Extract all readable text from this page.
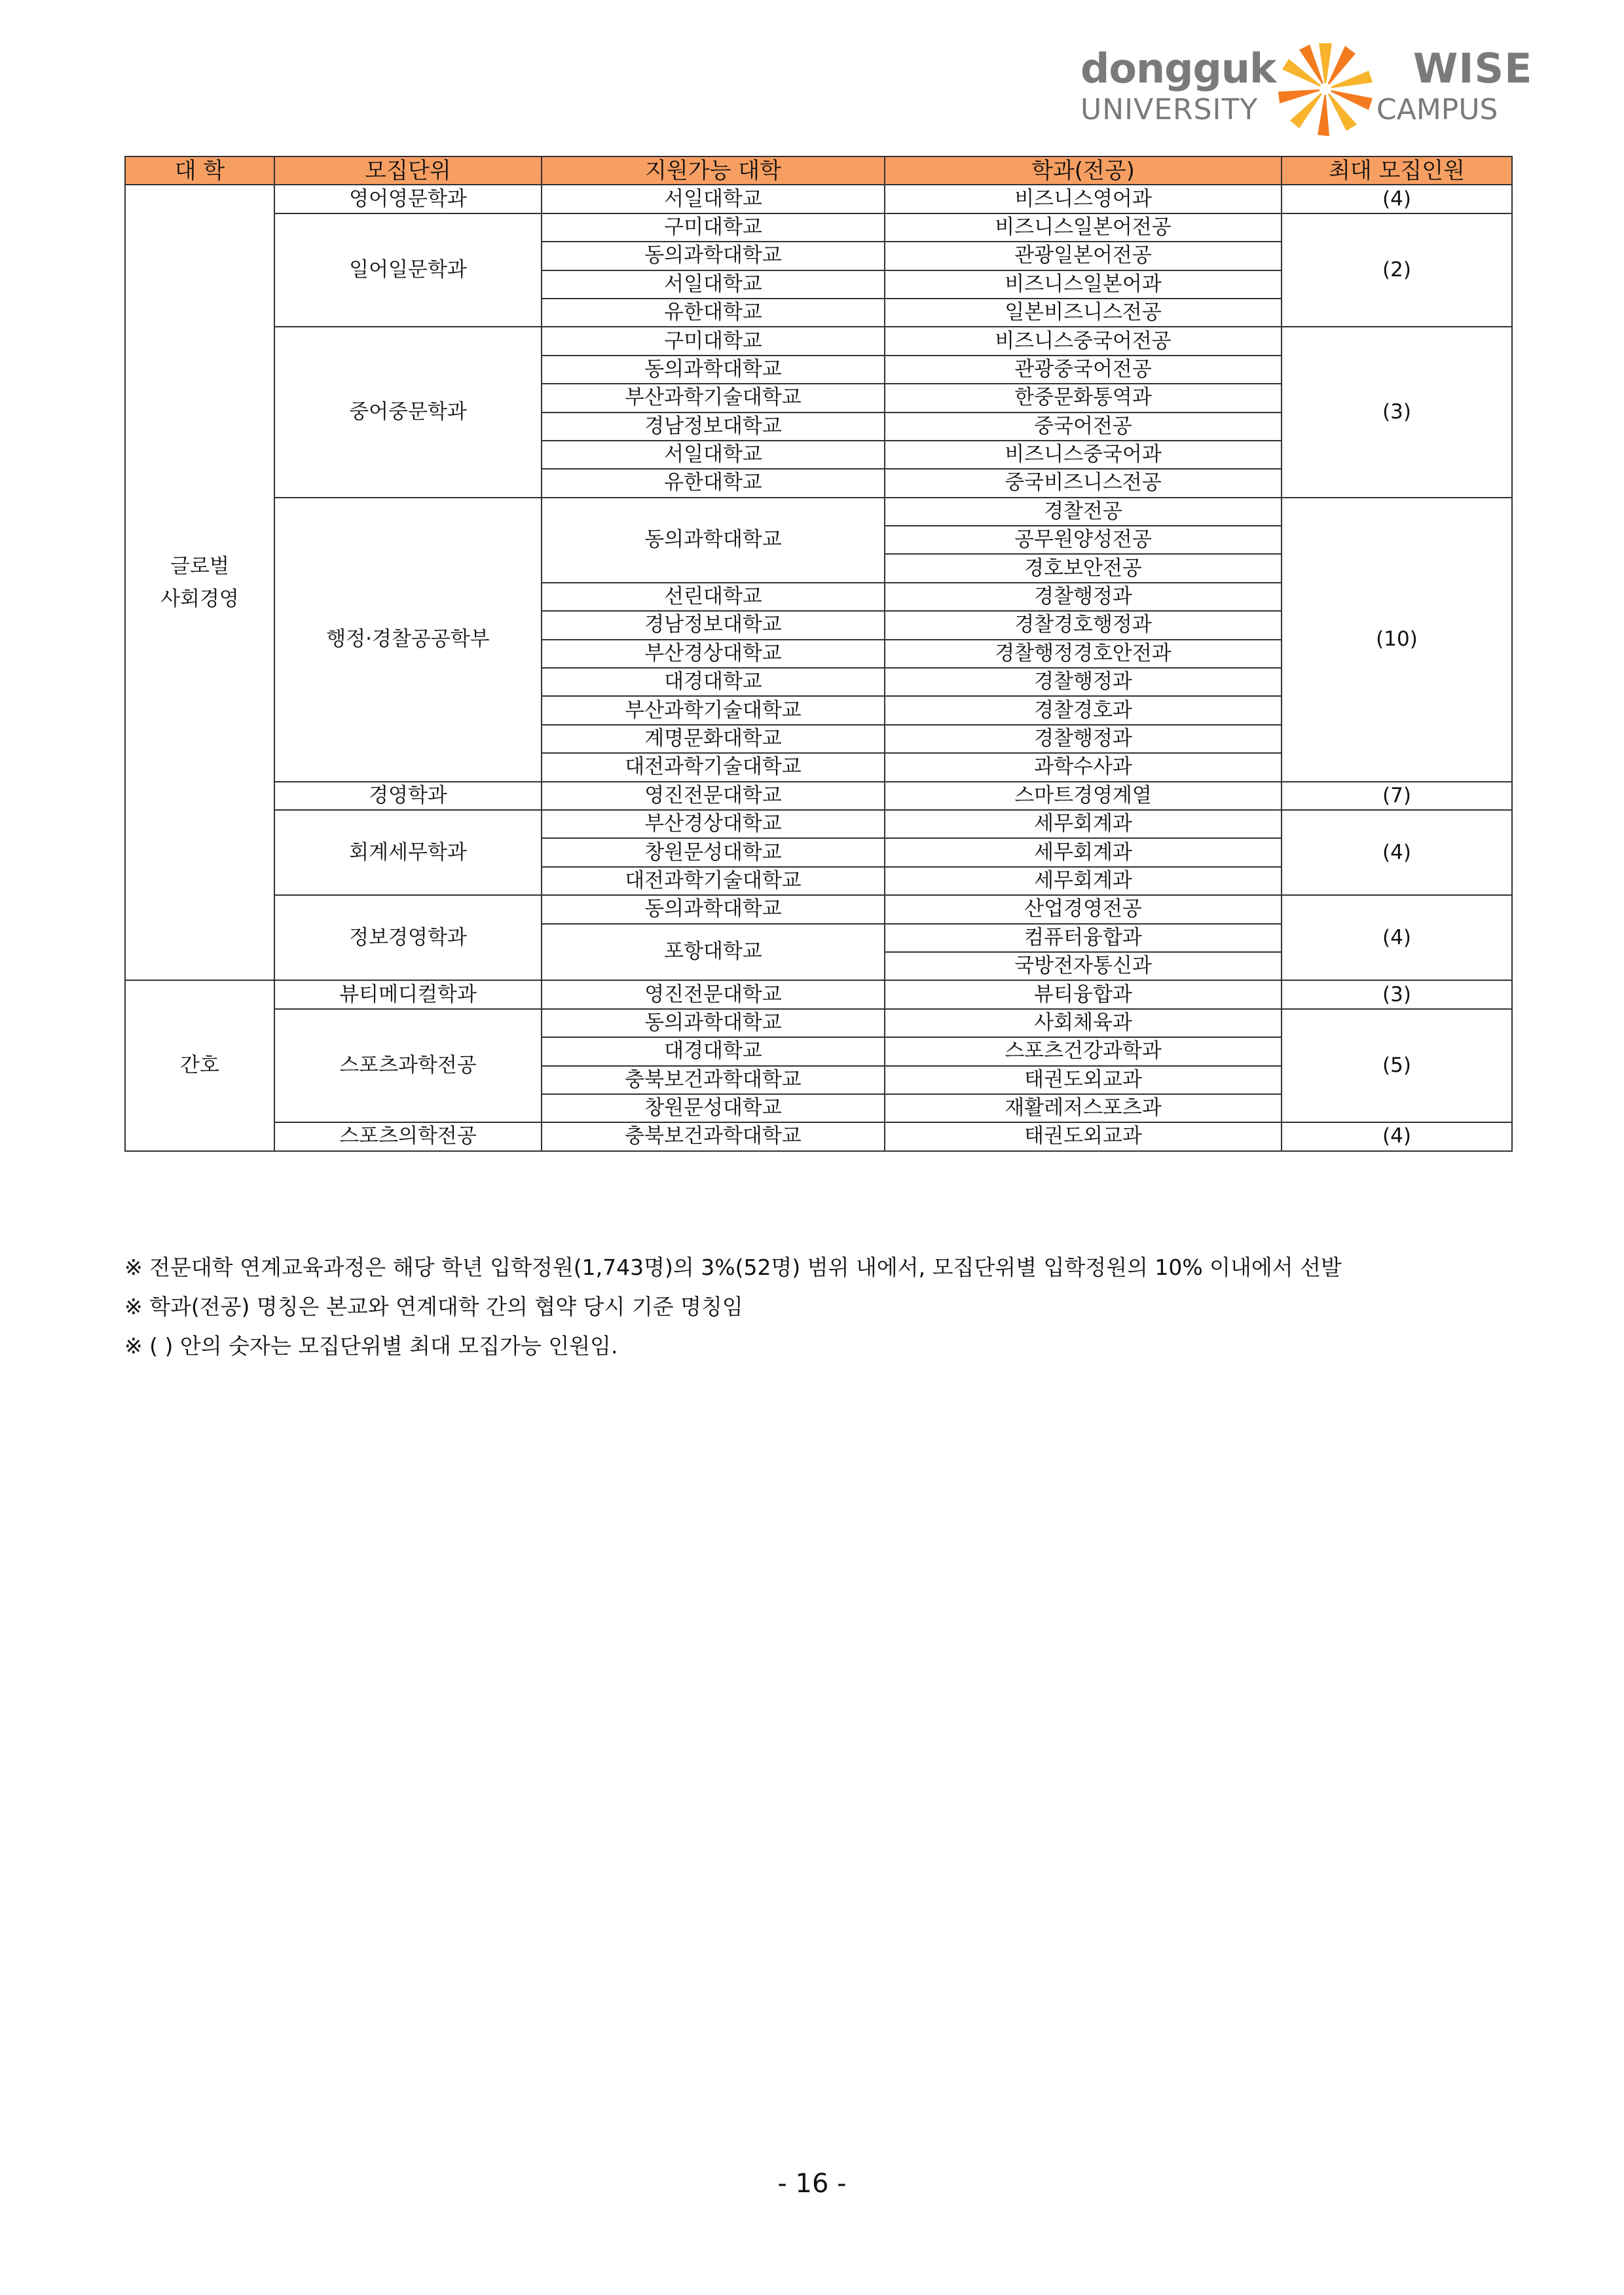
dongguk
UNIVERSITY
WISE
CAMPUS
대 학	모집단위	지원가능 대학	학과(전공)	최대 모집인원
글로벌
사회경영	영어영문학과	서일대학교	비즈니스영어과	(4)
	일어일문학과	구미대학교	비즈니스일본어전공	(2)
		동의과학대학교	관광일본어전공	
		서일대학교	비즈니스일본어과	
		유한대학교	일본비즈니스전공	
	중어중문학과	구미대학교	비즈니스중국어전공	(3)
		동의과학대학교	관광중국어전공	
		부산과학기술대학교	한중문화통역과	
		경남정보대학교	중국어전공	
		서일대학교	비즈니스중국어과	
		유한대학교	중국비즈니스전공	
	행정·경찰공공학부	동의과학대학교	경찰전공	(10)
			공무원양성전공	
			경호보안전공	
		선린대학교	경찰행정과	
		경남정보대학교	경찰경호행정과	
		부산경상대학교	경찰행정경호안전과	
		대경대학교	경찰행정과	
		부산과학기술대학교	경찰경호과	
		계명문화대학교	경찰행정과	
		대전과학기술대학교	과학수사과	
	경영학과	영진전문대학교	스마트경영계열	(7)
	회계세무학과	부산경상대학교	세무회계과	(4)
		창원문성대학교	세무회계과	
		대전과학기술대학교	세무회계과	
	정보경영학과	동의과학대학교	산업경영전공	(4)
		포항대학교	컴퓨터융합과	
			국방전자통신과	
간호	뷰티메디컬학과	영진전문대학교	뷰티융합과	(3)
	스포츠과학전공	동의과학대학교	사회체육과	(5)
		대경대학교	스포츠건강과학과	
		충북보건과학대학교	태권도외교과	
		창원문성대학교	재활레저스포츠과	
	스포츠의학전공	충북보건과학대학교	태권도외교과	(4)
※ 전문대학 연계교육과정은 해당 학년 입학정원(1,743명)의 3%(52명) 범위 내에서, 모집단위별 입학정원의 10% 이내에서 선발
※ 학과(전공) 명칭은 본교와 연계대학 간의 협약 당시 기준 명칭임
※ ( ) 안의 숫자는 모집단위별 최대 모집가능 인원임.
- 16 -
